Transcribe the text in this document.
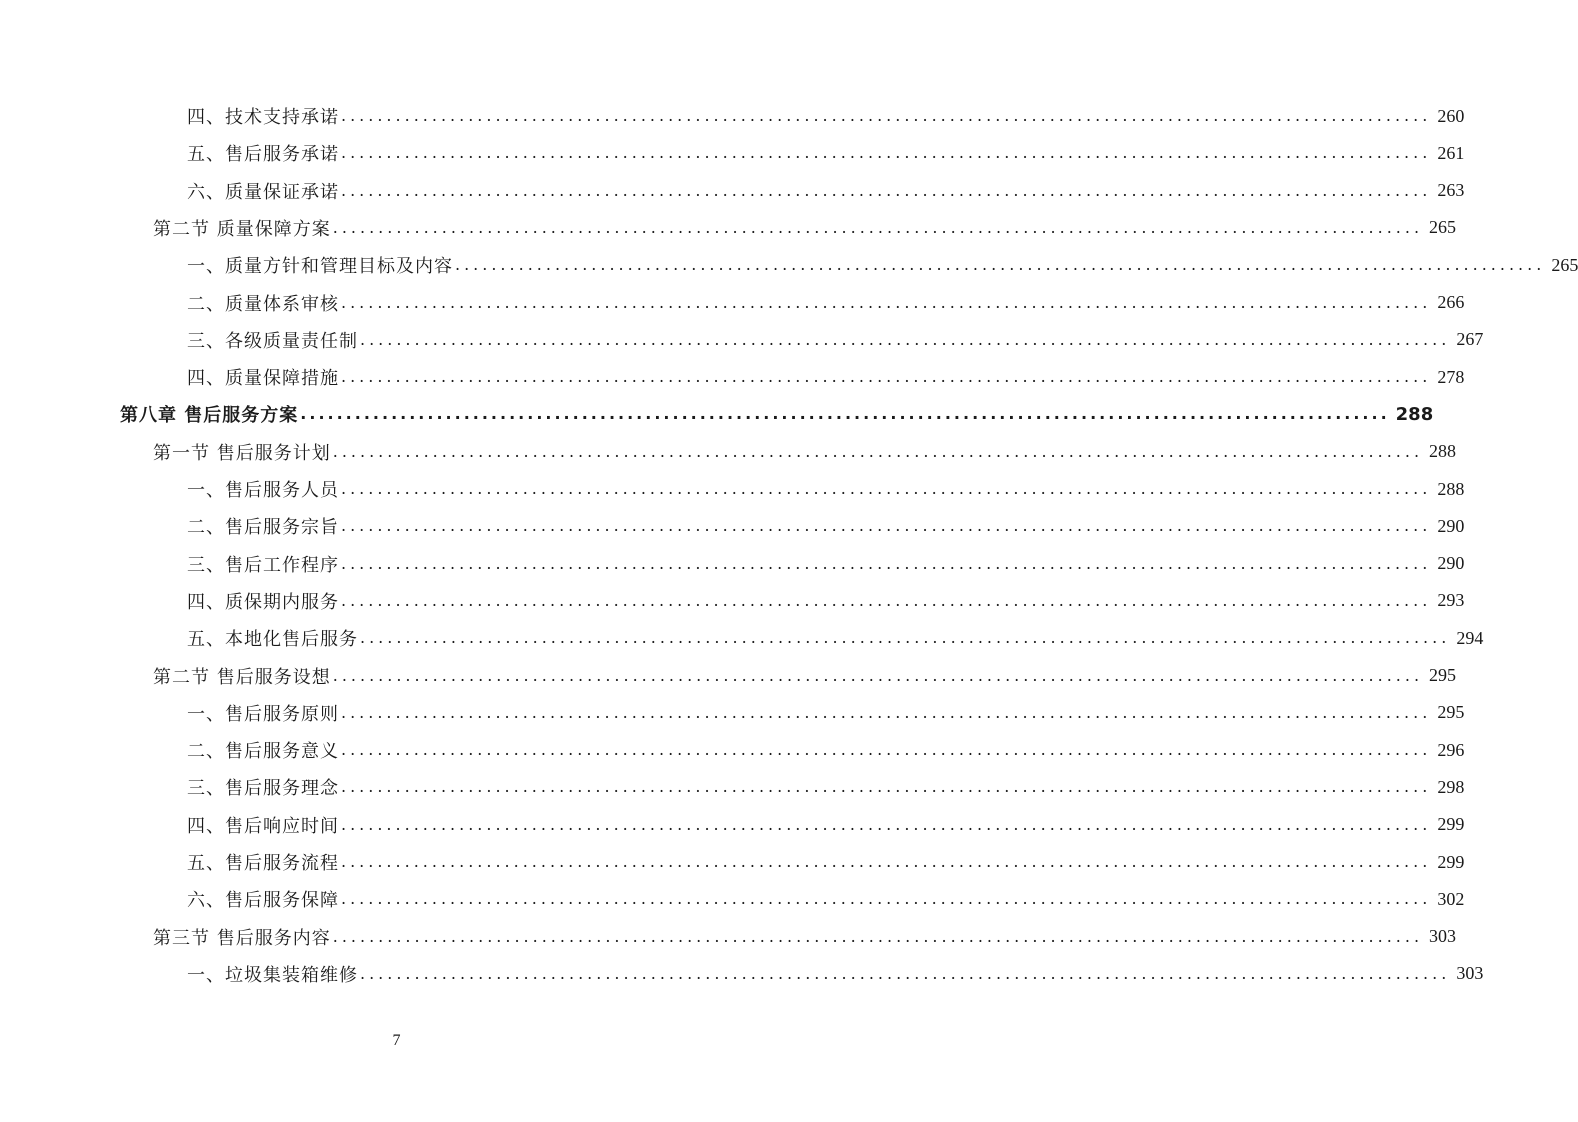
四、技术支持承诺 ........................................................................................................................ 260
五、售后服务承诺 ........................................................................................................................ 261
六、质量保证承诺 ........................................................................................................................ 263
第二节 质量保障方案 ........................................................................................................................ 265
一、质量方针和管理目标及内容 ........................................................................................................................ 265
二、质量体系审核 ........................................................................................................................ 266
三、各级质量责任制 ........................................................................................................................ 267
四、质量保障措施 ........................................................................................................................ 278
第八章 售后服务方案 ........................................................................................................................ 288
第一节 售后服务计划 ........................................................................................................................ 288
一、售后服务人员 ........................................................................................................................ 288
二、售后服务宗旨 ........................................................................................................................ 290
三、售后工作程序 ........................................................................................................................ 290
四、质保期内服务 ........................................................................................................................ 293
五、本地化售后服务 ........................................................................................................................ 294
第二节 售后服务设想 ........................................................................................................................ 295
一、售后服务原则 ........................................................................................................................ 295
二、售后服务意义 ........................................................................................................................ 296
三、售后服务理念 ........................................................................................................................ 298
四、售后响应时间 ........................................................................................................................ 299
五、售后服务流程 ........................................................................................................................ 299
六、售后服务保障 ........................................................................................................................ 302
第三节 售后服务内容 ........................................................................................................................ 303
一、垃圾集装箱维修 ........................................................................................................................ 303
7
